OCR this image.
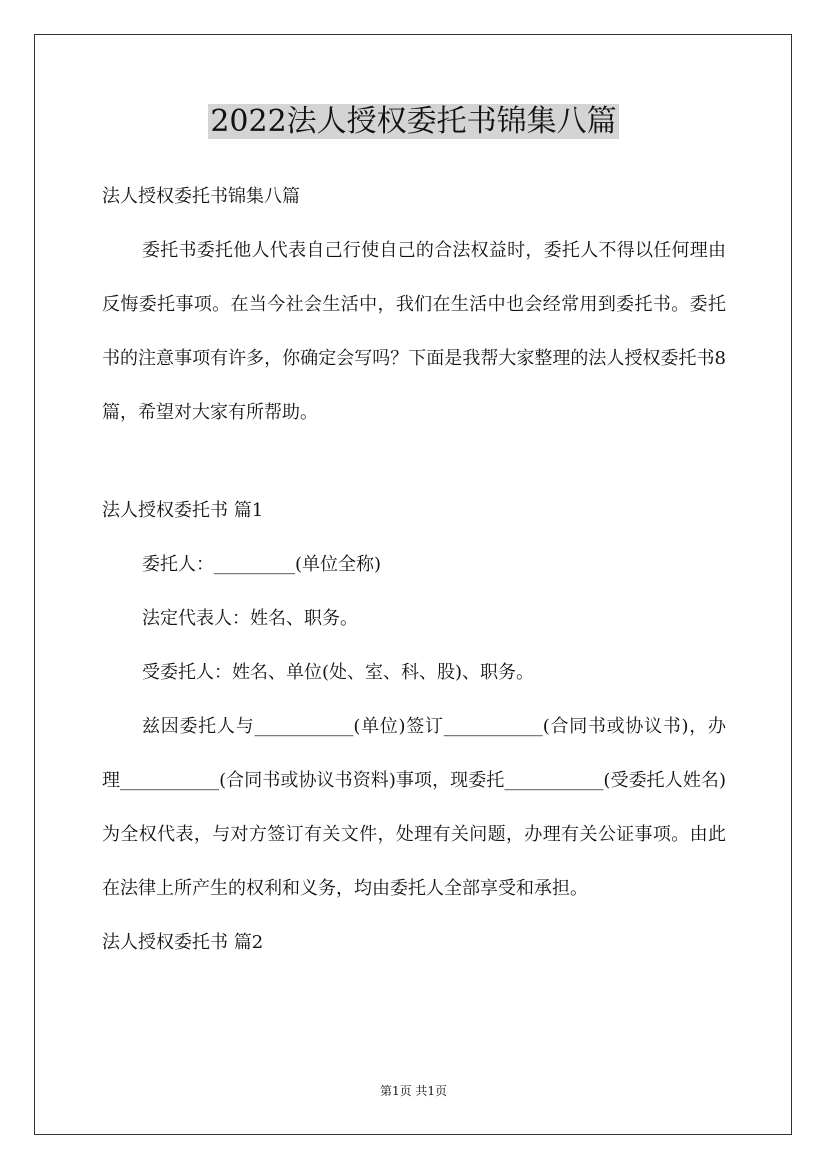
2022法人授权委托书锦集八篇
法人授权委托书锦集八篇
委托书委托他人代表自己行使自己的合法权益时，委托人不得以任何理由反悔委托事项。在当今社会生活中，我们在生活中也会经常用到委托书。委托书的注意事项有许多，你确定会写吗？下面是我帮大家整理的法人授权委托书8篇，希望对大家有所帮助。
法人授权委托书 篇1
委托人：_________(单位全称)
法定代表人：姓名、职务。
受委托人：姓名、单位(处、室、科、股)、职务。
兹因委托人与___________(单位)签订___________(合同书或协议书)，办理___________(合同书或协议书资料)事项，现委托___________(受委托人姓名)为全权代表，与对方签订有关文件，处理有关问题，办理有关公证事项。由此在法律上所产生的权利和义务，均由委托人全部享受和承担。
法人授权委托书 篇2
第1页 共1页
